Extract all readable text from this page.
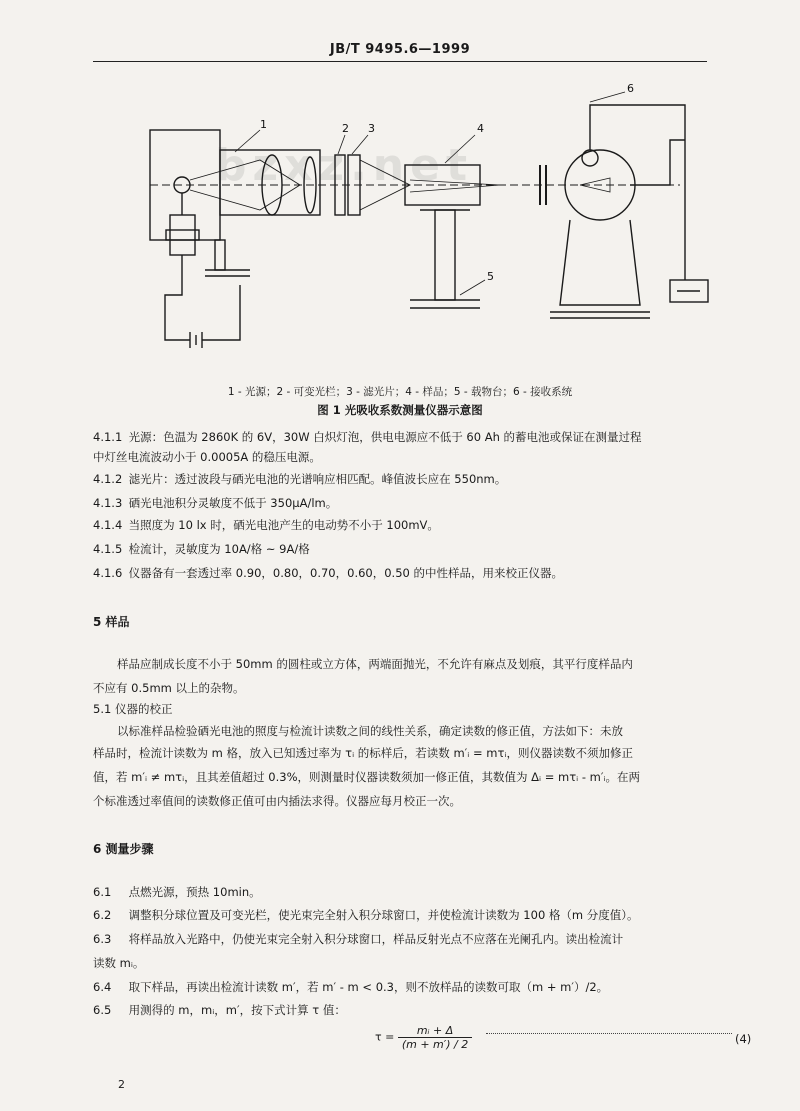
JB/T 9495.6—1999
bzxz.net
1	2 3	4
5
6
1 - 光源；2 - 可变光栏；3 - 滤光片；4 - 样品；5 - 载物台；6 - 接收系统
图 1 光吸收系数测量仪器示意图
4.1.1 光源：色温为 2860K 的 6V，30W 白炽灯泡，供电电源应不低于 60 Ah 的蓄电池或保证在测量过程
中灯丝电流波动小于 0.0005A 的稳压电源。
4.1.2 滤光片：透过波段与硒光电池的光谱响应相匹配。峰值波长应在 550nm。
4.1.3 硒光电池积分灵敏度不低于 350μA/lm。
4.1.4 当照度为 10 lx 时，硒光电池产生的电动势不小于 100mV。
4.1.5 检流计，灵敏度为 10A/格 ~ 9A/格
4.1.6 仪器备有一套透过率 0.90，0.80，0.70，0.60，0.50 的中性样品，用来校正仪器。
5 样品
样品应制成长度不小于 50mm 的圆柱或立方体，两端面抛光，不允许有麻点及划痕，其平行度样品内
不应有 0.5mm 以上的杂物。
5.1 仪器的校正
以标准样品检验硒光电池的照度与检流计读数之间的线性关系，确定读数的修正值，方法如下：未放
样品时，检流计读数为 m 格，放入已知透过率为 τᵢ 的标样后，若读数 m′ᵢ = mτᵢ，则仪器读数不须加修正
值，若 m′ᵢ ≠ mτᵢ，且其差值超过 0.3%，则测量时仪器读数须加一修正值，其数值为 Δᵢ = mτᵢ - m′ᵢ。在两
个标准透过率值间的读数修正值可由内插法求得。仪器应每月校正一次。
6 测量步骤
6.1 点燃光源，预热 10min。
6.2 调整积分球位置及可变光栏，使光束完全射入积分球窗口，并使检流计读数为 100 格（m 分度值）。
6.3 将样品放入光路中，仍使光束完全射入积分球窗口，样品反射光点不应落在光阑孔内。读出检流计
读数 mᵢ。
6.4 取下样品，再读出检流计读数 m′，若 m′ - m < 0.3，则不放样品的读数可取（m + m′）/2。
6.5 用测得的 m，mᵢ，m′，按下式计算 τ 值：
$\tau = \frac{\text{mᵢ + Δ}}{(m + m') / 2}$	(4)
2
